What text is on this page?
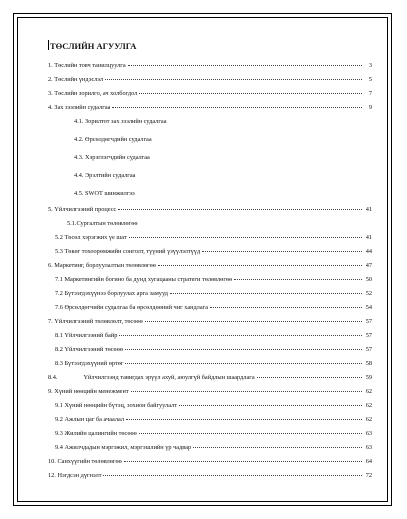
ТӨСЛИЙН АГУУЛГА
1. Төслийн товч танилцуулга	3
2. Төслийн үндэслэл	5
3. Төслийн зорилго, ач холбогдол	7
4. Зах зээлийн судалгаа	9
4.1. Зорилтот зах зээлийн судалгаа
4.2. Өрсөлдөгчдийн судалгаа
4.3. Хэрэглэгчдийн судалгаа
4.4. Эрэлтийн судалгаа
4.5. SWOT шинжилгээ
5. Үйлчилгээний процесс	41
5.1.Сургалтын төлөвлөгөө
5.2 Төсөл хэрэгжих үе шат	41
5.3 Төкөг тохоорөмжийн сонголт, түүний үзүүлэлтүүд	44
6. Маркетинг, борлуулалтын төлөвлөгөө	47
7.1 Маркетингийн богино ба дунд хугацааны стратеги төлөвлөгөө	50
7.2 Бүтээгдэхүүнээ борлуулах арга замууд	52
7.6 Өрсөлдөгчийн судалгаа ба өрсөлдөөний чиг хандлага	54
7. Үйлчилгээний төлөвлөлт, төсөөө	57
8.1 Үйлчилгээний байр	57
8.2 Үйлчилгээний төсөөө	57
8.3 Бүтээгдэхүүний өртөг	58
8.4.	Үйлчилгээнд тавигдах эрүүл ахуй, аюулгүй байдлын шаардлага	59
9. Хүний нөөцийн менежмент	62
9.1 Хүний нөөцийн бүтэц, зохион байгуулалт	62
9.2 Ажлын цаг ба ачаалал	62
9.3 Жилийн цалингийн төсөөө	63
9.4 Ажилчдадын мэргэжил, мэргэшлийн үр чадвар	63
10. Санхүүгийн төлөвлөгөө	64
12. Нэгдсэн дүгнэлт	72
